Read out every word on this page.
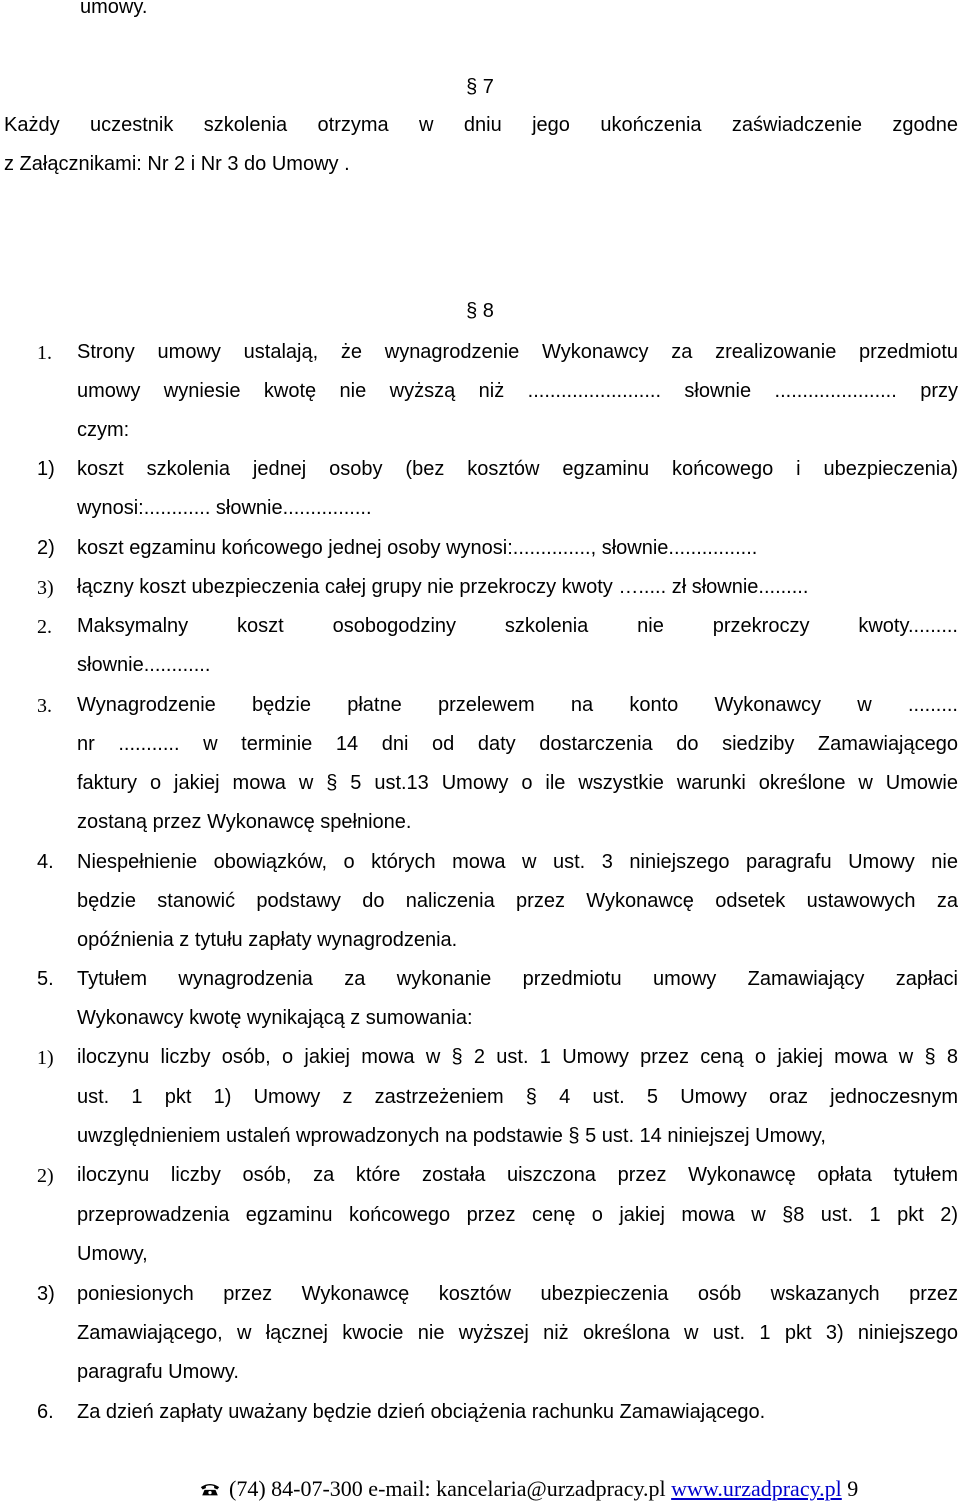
umowy.
§ 7
Każdy uczestnik szkolenia otrzyma w dniu jego ukończenia zaświadczenie zgodne
z Załącznikami: Nr 2 i Nr 3 do Umowy .
§ 8
1. Strony umowy ustalają, że wynagrodzenie Wykonawcy za zrealizowanie przedmiotu
umowy wyniesie kwotę nie wyższą niż ........................ słownie ...................... przy
czym:
1) koszt szkolenia jednej osoby (bez kosztów egzaminu końcowego i ubezpieczenia)
wynosi:............ słownie................
2) koszt egzaminu końcowego jednej osoby wynosi:.............., słownie................
3) łączny koszt ubezpieczenia całej grupy nie przekroczy kwoty …..... zł słownie.........
2. Maksymalny koszt osobogodziny szkolenia nie przekroczy kwoty.........
słownie............
3. Wynagrodzenie będzie płatne przelewem na konto Wykonawcy w .........
nr ........... w terminie 14 dni od daty dostarczenia do siedziby Zamawiającego
faktury o jakiej mowa w § 5 ust.13 Umowy o ile wszystkie warunki określone w Umowie
zostaną przez Wykonawcę spełnione.
4. Niespełnienie obowiązków, o których mowa w ust. 3 niniejszego paragrafu Umowy nie
będzie stanowić podstawy do naliczenia przez Wykonawcę odsetek ustawowych za
opóźnienia z tytułu zapłaty wynagrodzenia.
5. Tytułem wynagrodzenia za wykonanie przedmiotu umowy Zamawiający zapłaci
Wykonawcy kwotę wynikającą z sumowania:
1) iloczynu liczby osób, o jakiej mowa w § 2 ust. 1 Umowy przez ceną o jakiej mowa w § 8
ust. 1 pkt 1) Umowy z zastrzeżeniem § 4 ust. 5 Umowy oraz jednoczesnym
uwzględnieniem ustaleń wprowadzonych na podstawie § 5 ust. 14 niniejszej Umowy,
2) iloczynu liczby osób, za które została uiszczona przez Wykonawcę opłata tytułem
przeprowadzenia egzaminu końcowego przez cenę o jakiej mowa w §8 ust. 1 pkt 2)
Umowy,
3) poniesionych przez Wykonawcę kosztów ubezpieczenia osób wskazanych przez
Zamawiającego, w łącznej kwocie nie wyższej niż określona w ust. 1 pkt 3) niniejszego
paragrafu Umowy.
6. Za dzień zapłaty uważany będzie dzień obciążenia rachunku Zamawiającego.
(74) 84-07-300 e-mail: kancelaria@urzadpracy.pl www.urzadpracy.pl 9
